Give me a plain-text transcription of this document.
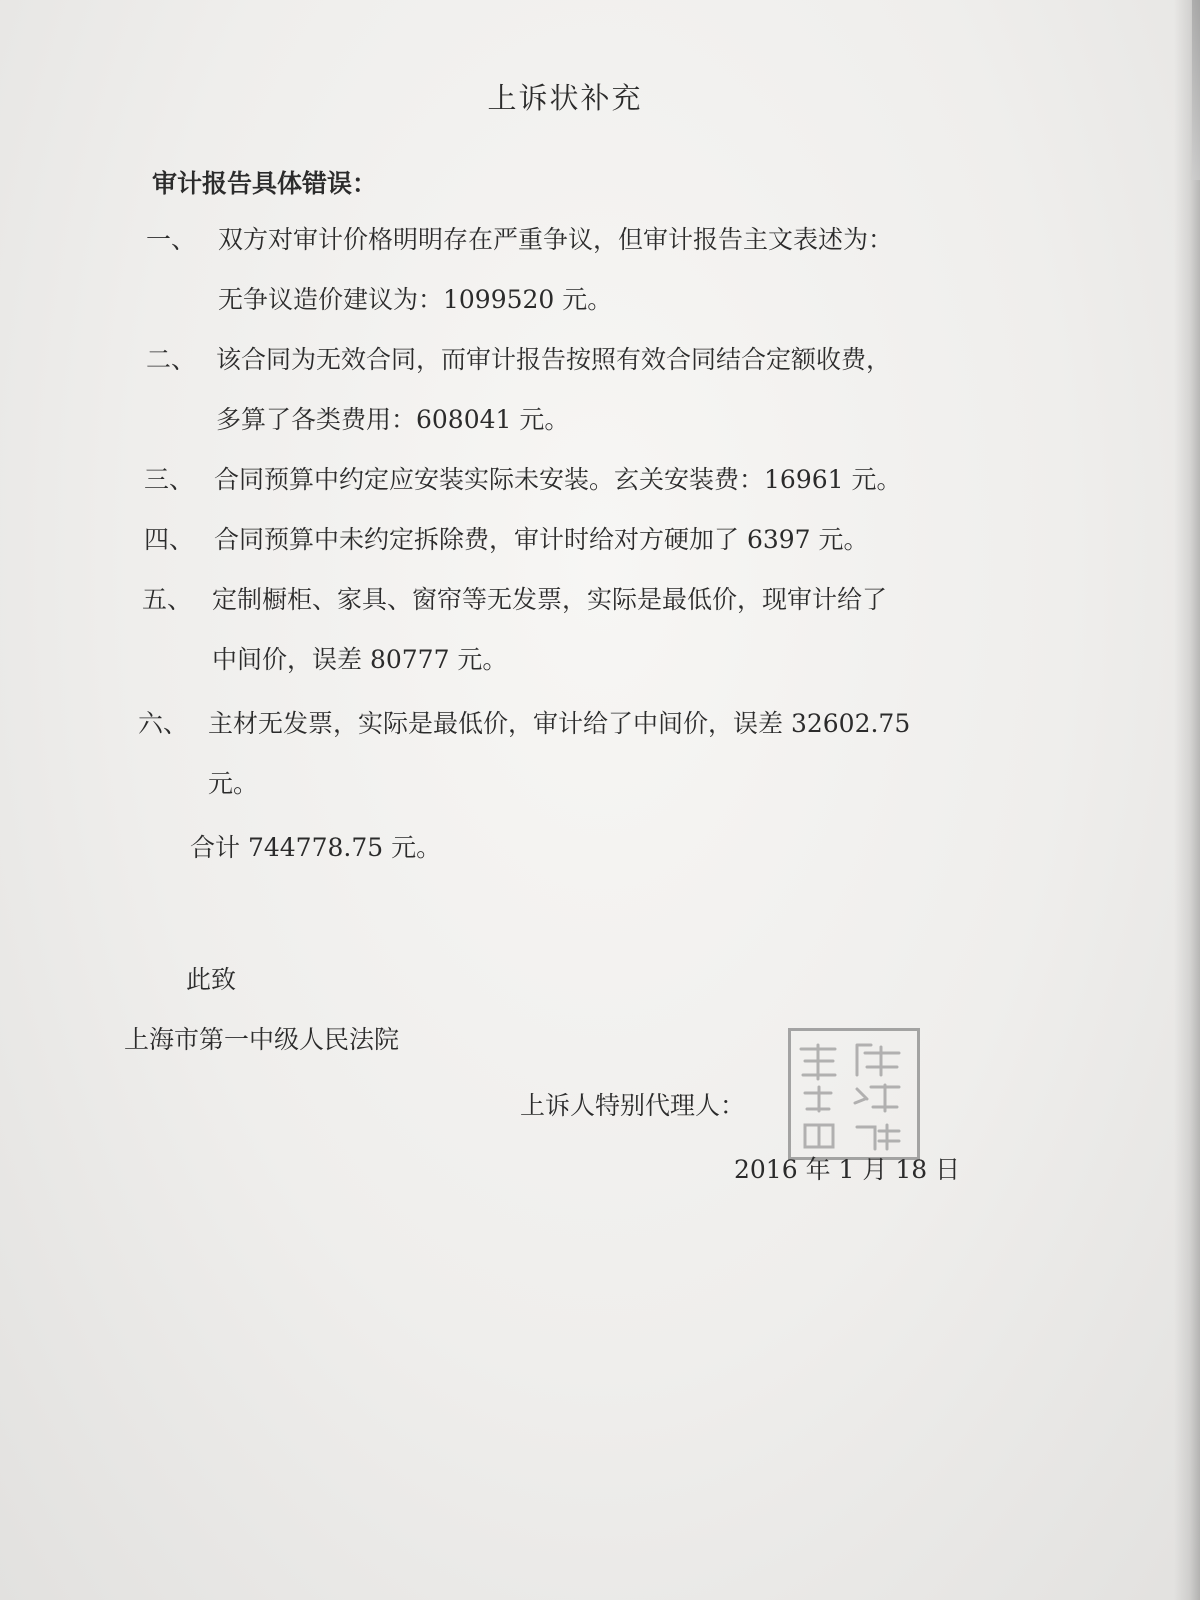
上诉状补充
审计报告具体错误：
一、 双方对审计价格明明存在严重争议，但审计报告主文表述为：
无争议造价建议为：1099520 元。
二、 该合同为无效合同，而审计报告按照有效合同结合定额收费，
多算了各类费用：608041 元。
三、 合同预算中约定应安装实际未安装。玄关安装费：16961 元。
四、 合同预算中未约定拆除费，审计时给对方硬加了 6397 元。
五、 定制橱柜、家具、窗帘等无发票，实际是最低价，现审计给了
中间价，误差 80777 元。
六、 主材无发票，实际是最低价，审计给了中间价，误差 32602.75
元。
合计 744778.75 元。
此致
上海市第一中级人民法院
上诉人特别代理人：
2016 年 1 月 18 日
